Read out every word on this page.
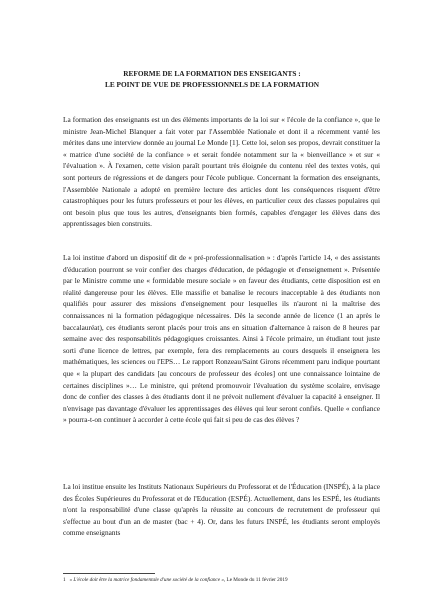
REFORME DE LA FORMATION DES ENSEIGANTS :
LE POINT DE VUE DE PROFESSIONNELS DE LA FORMATION

La formation des enseignants est un des éléments importants de la loi sur « l'école de la confiance », que le ministre Jean-Michel Blanquer a fait voter par l'Assemblée Nationale et dont il a récemment vanté les mérites dans une interview donnée au journal Le Monde [1]. Cette loi, selon ses propos, devrait constituer la « matrice d'une société de la confiance » et serait fondée notamment sur la « bienveillance » et sur « l'évaluation ». À l'examen, cette vision paraît pourtant très éloignée du contenu réel des textes votés, qui sont porteurs de régressions et de dangers pour l'école publique. Concernant la formation des enseignants, l'Assemblée Nationale a adopté en première lecture des articles dont les conséquences risquent d'être catastrophiques pour les futurs professeurs et pour les élèves, en particulier ceux des classes populaires qui ont besoin plus que tous les autres, d'enseignants bien formés, capables d'engager les élèves dans des apprentissages bien construits.

La loi institue d'abord un dispositif dit de « pré-professionnalisation » : d'après l'article 14, « des assistants d'éducation pourront se voir confier des charges d'éducation, de pédagogie et d'enseignement ». Présentée par le Ministre comme une « formidable mesure sociale » en faveur des étudiants, cette disposition est en réalité dangereuse pour les élèves. Elle massifie et banalise le recours inacceptable à des étudiants non qualifiés pour assurer des missions d'enseignement pour lesquelles ils n'auront ni la maîtrise des connaissances ni la formation pédagogique nécessaires. Dès la seconde année de licence (1 an après le baccalauréat), ces étudiants seront placés pour trois ans en situation d'alternance à raison de 8 heures par semaine avec des responsabilités pédagogiques croissantes. Ainsi à l'école primaire, un étudiant tout juste sorti d'une licence de lettres, par exemple, fera des remplacements au cours desquels il enseignera les mathématiques, les sciences ou l'EPS… Le rapport Ronzeau/Saint Girons récemment paru indique pourtant que « la plupart des candidats [au concours de professeur des écoles] ont une connaissance lointaine de certaines disciplines »… Le ministre, qui prétend promouvoir l'évaluation du système scolaire, envisage donc de confier des classes à des étudiants dont il ne prévoit nullement d'évaluer la capacité à enseigner. Il n'envisage pas davantage d'évaluer les apprentissages des élèves qui leur seront confiés. Quelle « confiance » pourra-t-on continuer à accorder à cette école qui fait si peu de cas des élèves ?

La loi institue ensuite les Instituts Nationaux Supérieurs du Professorat et de l'Éducation (INSPÉ), à la place des Écoles Supérieures du Professorat et de l'Education (ESPÉ). Actuellement, dans les ESPÉ, les étudiants n'ont la responsabilité d'une classe qu'après la réussite au concours de recrutement de professeur qui s'effectue au bout d'un an de master (bac + 4). Or, dans les futurs INSPÉ, les étudiants seront employés comme enseignants

1 « L'école doit être la matrice fondamentale d'une société de la confiance », Le Monde du 11 février 2019
